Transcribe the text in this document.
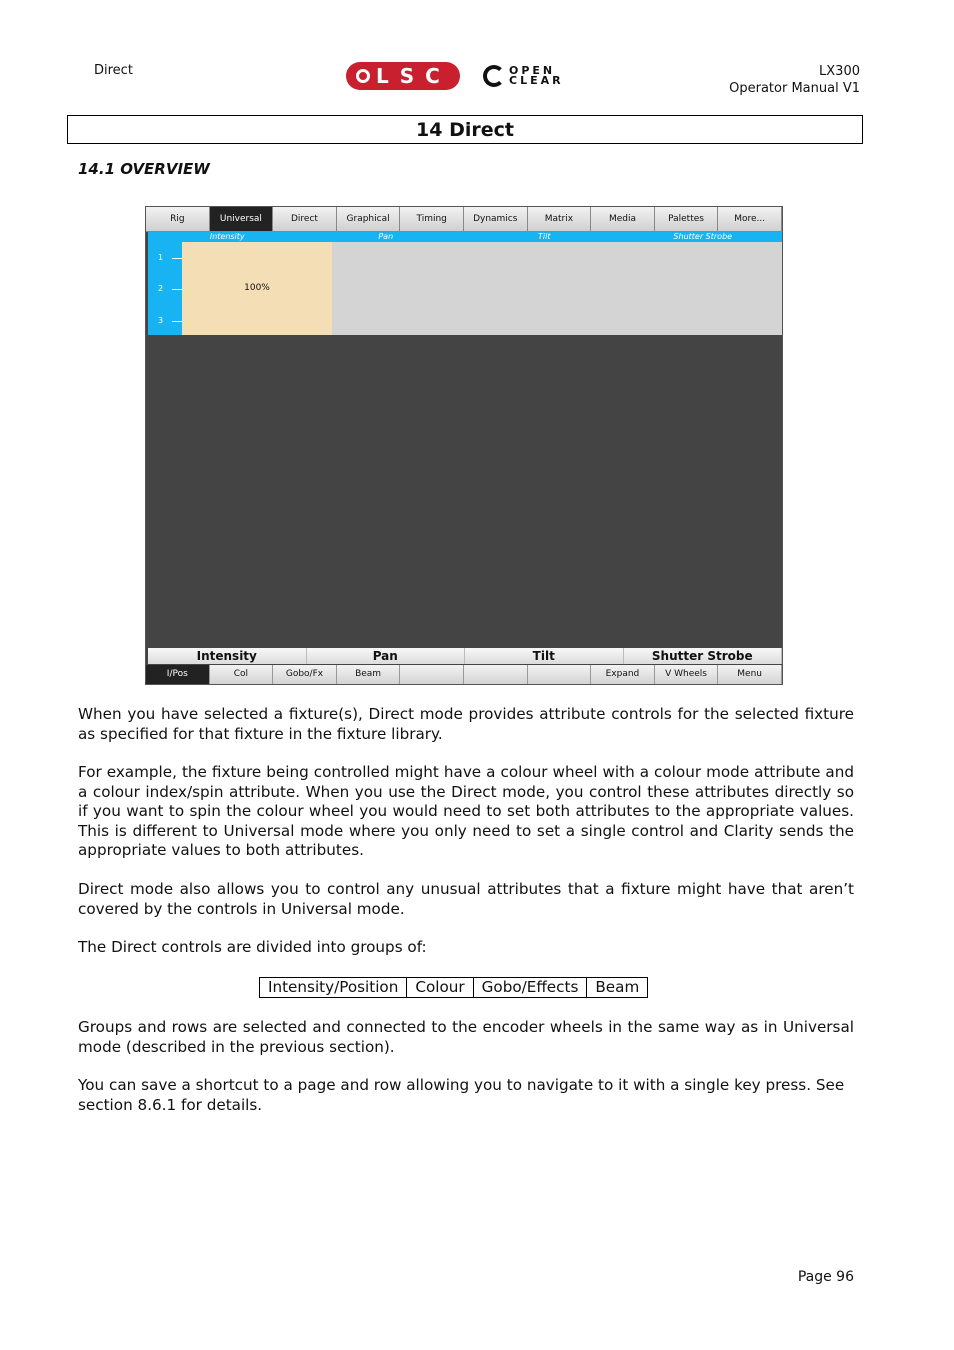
Direct	LSC	OPEN
CLEAR
LX300
Operator Manual V1
14 Direct
14.1 OVERVIEW
Rig	Universal	Direct	Graphical	Timing	Dynamics	Matrix	Media	Palettes	More...
Intensity	Pan	Tilt	Shutter Strobe
1
2
3
100%
Intensity	Pan	Tilt	Shutter Strobe
I/Pos	Col	Gobo/Fx	Beam	Expand	V Wheels	Menu
When you have selected a fixture(s), Direct mode provides attribute controls for the selected fixture as specified for that fixture in the fixture library.
For example, the fixture being controlled might have a colour wheel with a colour mode attribute and a colour index/spin attribute. When you use the Direct mode, you control these attributes directly so if you want to spin the colour wheel you would need to set both attributes to the appropriate values. This is different to Universal mode where you only need to set a single control and Clarity sends the appropriate values to both attributes.
Direct mode also allows you to control any unusual attributes that a fixture might have that aren’t covered by the controls in Universal mode.
The Direct controls are divided into groups of:
Intensity/Position	Colour	Gobo/Effects	Beam
Groups and rows are selected and connected to the encoder wheels in the same way as in Universal mode (described in the previous section).
You can save a shortcut to a page and row allowing you to navigate to it with a single key press. See section 8.6.1 for details.
Page 96
